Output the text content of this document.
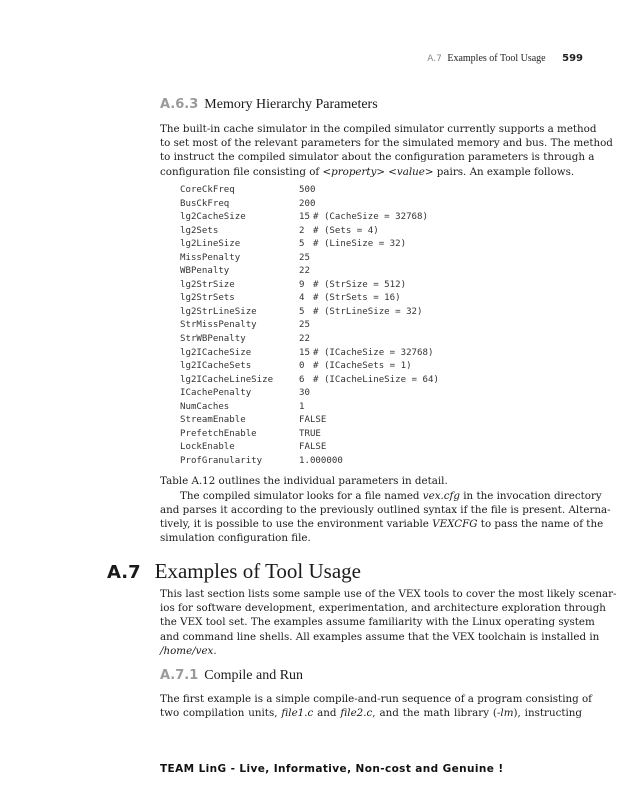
A.7 Examples of Tool Usage 599
A.6.3 Memory Hierarchy Parameters
The built-in cache simulator in the compiled simulator currently supports a method
to set most of the relevant parameters for the simulated memory and bus. The method
to instruct the compiled simulator about the configuration parameters is through a
configuration file consisting of <property> <value> pairs. An example follows.
CoreCkFreq	500
BusCkFreq	200
lg2CacheSize	15 # (CacheSize = 32768)
lg2Sets	2 # (Sets = 4)
lg2LineSize	5 # (LineSize = 32)
MissPenalty	25
WBPenalty	22
lg2StrSize	9 # (StrSize = 512)
lg2StrSets	4 # (StrSets = 16)
lg2StrLineSize	5 # (StrLineSize = 32)
StrMissPenalty	25
StrWBPenalty	22
lg2ICacheSize	15 # (ICacheSize = 32768)
lg2ICacheSets	0 # (ICacheSets = 1)
lg2ICacheLineSize	6 # (ICacheLineSize = 64)
ICachePenalty	30
NumCaches	1
StreamEnable	FALSE
PrefetchEnable	TRUE
LockEnable	FALSE
ProfGranularity	1.000000
Table A.12 outlines the individual parameters in detail.
The compiled simulator looks for a file named vex.cfg in the invocation directory
and parses it according to the previously outlined syntax if the file is present. Alterna-
tively, it is possible to use the environment variable VEXCFG to pass the name of the
simulation configuration file.
A.7 Examples of Tool Usage
This last section lists some sample use of the VEX tools to cover the most likely scenar-
ios for software development, experimentation, and architecture exploration through
the VEX tool set. The examples assume familiarity with the Linux operating system
and command line shells. All examples assume that the VEX toolchain is installed in
/home/vex.
A.7.1 Compile and Run
The first example is a simple compile-and-run sequence of a program consisting of
two compilation units, file1.c and file2.c, and the math library (-lm), instructing
TEAM LinG - Live, Informative, Non-cost and Genuine !
